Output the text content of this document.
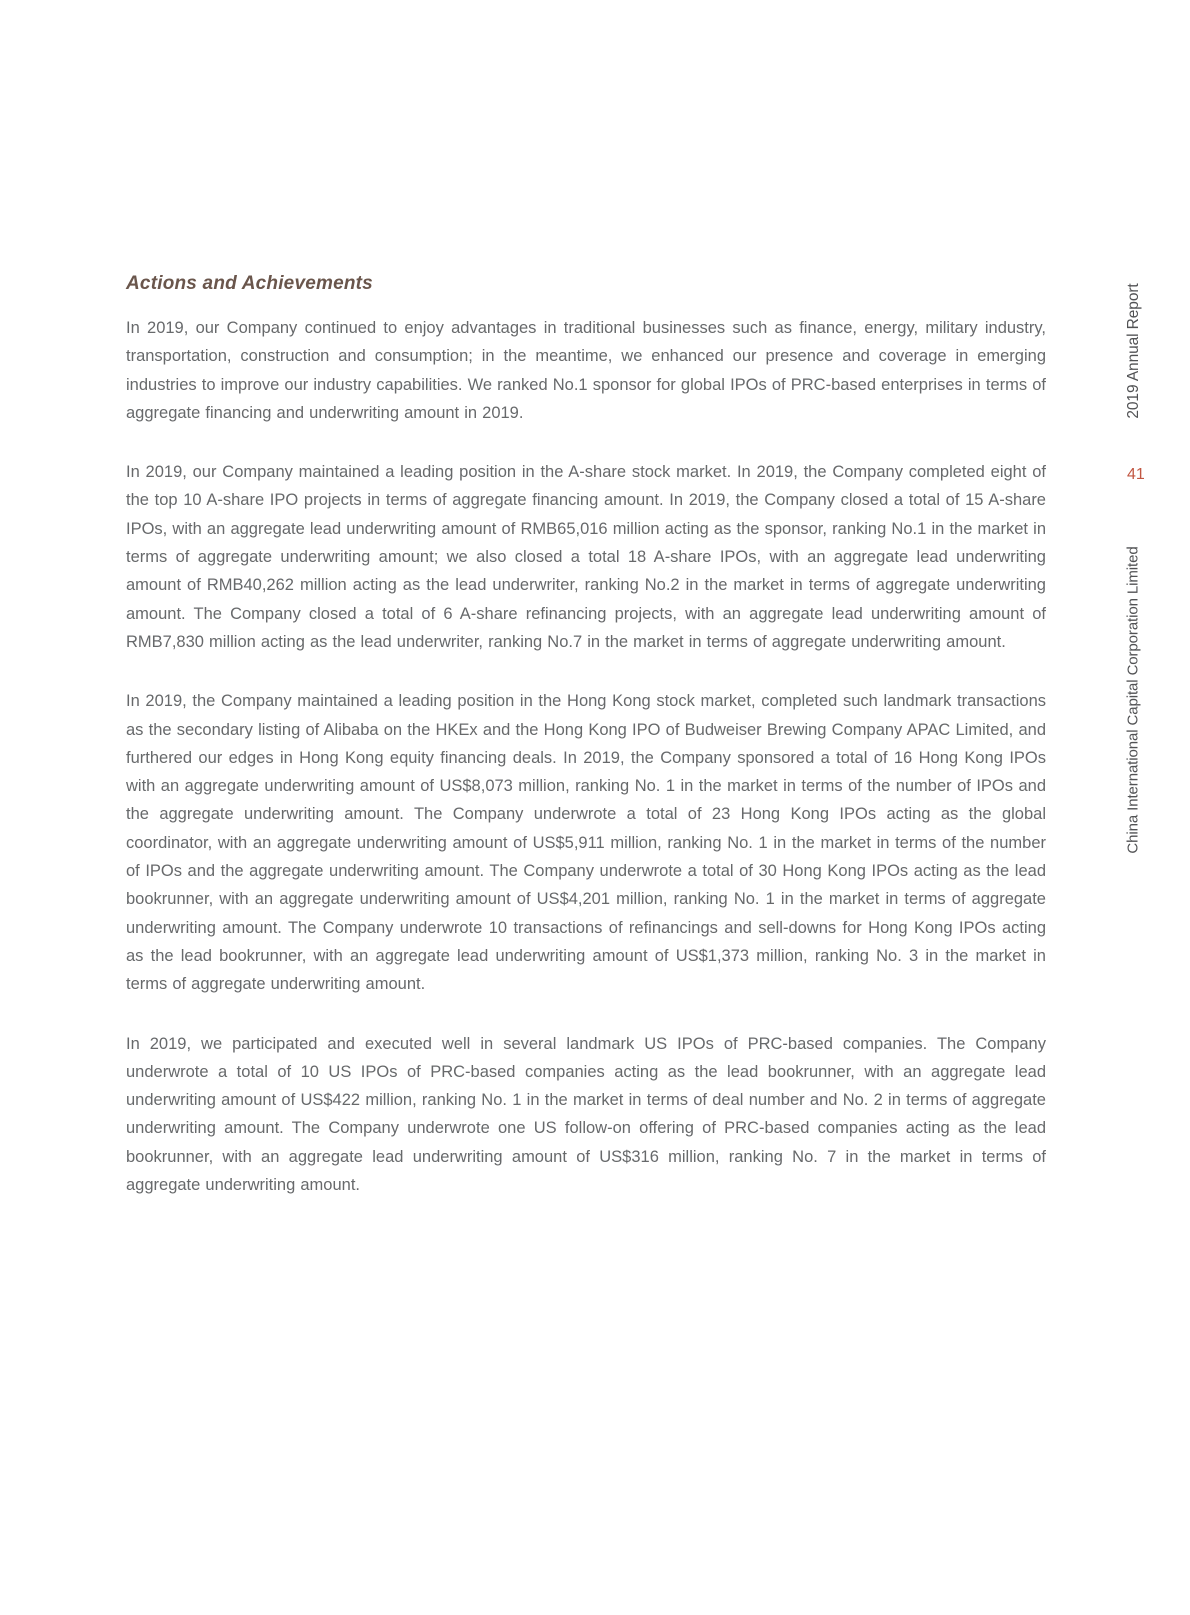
Actions and Achievements

In 2019, our Company continued to enjoy advantages in traditional businesses such as finance, energy, military industry, transportation, construction and consumption; in the meantime, we enhanced our presence and coverage in emerging industries to improve our industry capabilities. We ranked No.1 sponsor for global IPOs of PRC-based enterprises in terms of aggregate financing and underwriting amount in 2019.

In 2019, our Company maintained a leading position in the A-share stock market. In 2019, the Company completed eight of the top 10 A-share IPO projects in terms of aggregate financing amount. In 2019, the Company closed a total of 15 A-share IPOs, with an aggregate lead underwriting amount of RMB65,016 million acting as the sponsor, ranking No.1 in the market in terms of aggregate underwriting amount; we also closed a total 18 A-share IPOs, with an aggregate lead underwriting amount of RMB40,262 million acting as the lead underwriter, ranking No.2 in the market in terms of aggregate underwriting amount. The Company closed a total of 6 A-share refinancing projects, with an aggregate lead underwriting amount of RMB7,830 million acting as the lead underwriter, ranking No.7 in the market in terms of aggregate underwriting amount.

In 2019, the Company maintained a leading position in the Hong Kong stock market, completed such landmark transactions as the secondary listing of Alibaba on the HKEx and the Hong Kong IPO of Budweiser Brewing Company APAC Limited, and furthered our edges in Hong Kong equity financing deals. In 2019, the Company sponsored a total of 16 Hong Kong IPOs with an aggregate underwriting amount of US$8,073 million, ranking No. 1 in the market in terms of the number of IPOs and the aggregate underwriting amount. The Company underwrote a total of 23 Hong Kong IPOs acting as the global coordinator, with an aggregate underwriting amount of US$5,911 million, ranking No. 1 in the market in terms of the number of IPOs and the aggregate underwriting amount. The Company underwrote a total of 30 Hong Kong IPOs acting as the lead bookrunner, with an aggregate underwriting amount of US$4,201 million, ranking No. 1 in the market in terms of aggregate underwriting amount. The Company underwrote 10 transactions of refinancings and sell-downs for Hong Kong IPOs acting as the lead bookrunner, with an aggregate lead underwriting amount of US$1,373 million, ranking No. 3 in the market in terms of aggregate underwriting amount.

In 2019, we participated and executed well in several landmark US IPOs of PRC-based companies. The Company underwrote a total of 10 US IPOs of PRC-based companies acting as the lead bookrunner, with an aggregate lead underwriting amount of US$422 million, ranking No. 1 in the market in terms of deal number and No. 2 in terms of aggregate underwriting amount. The Company underwrote one US follow-on offering of PRC-based companies acting as the lead bookrunner, with an aggregate lead underwriting amount of US$316 million, ranking No. 7 in the market in terms of aggregate underwriting amount.

2019 Annual Report
41
China International Capital Corporation Limited
